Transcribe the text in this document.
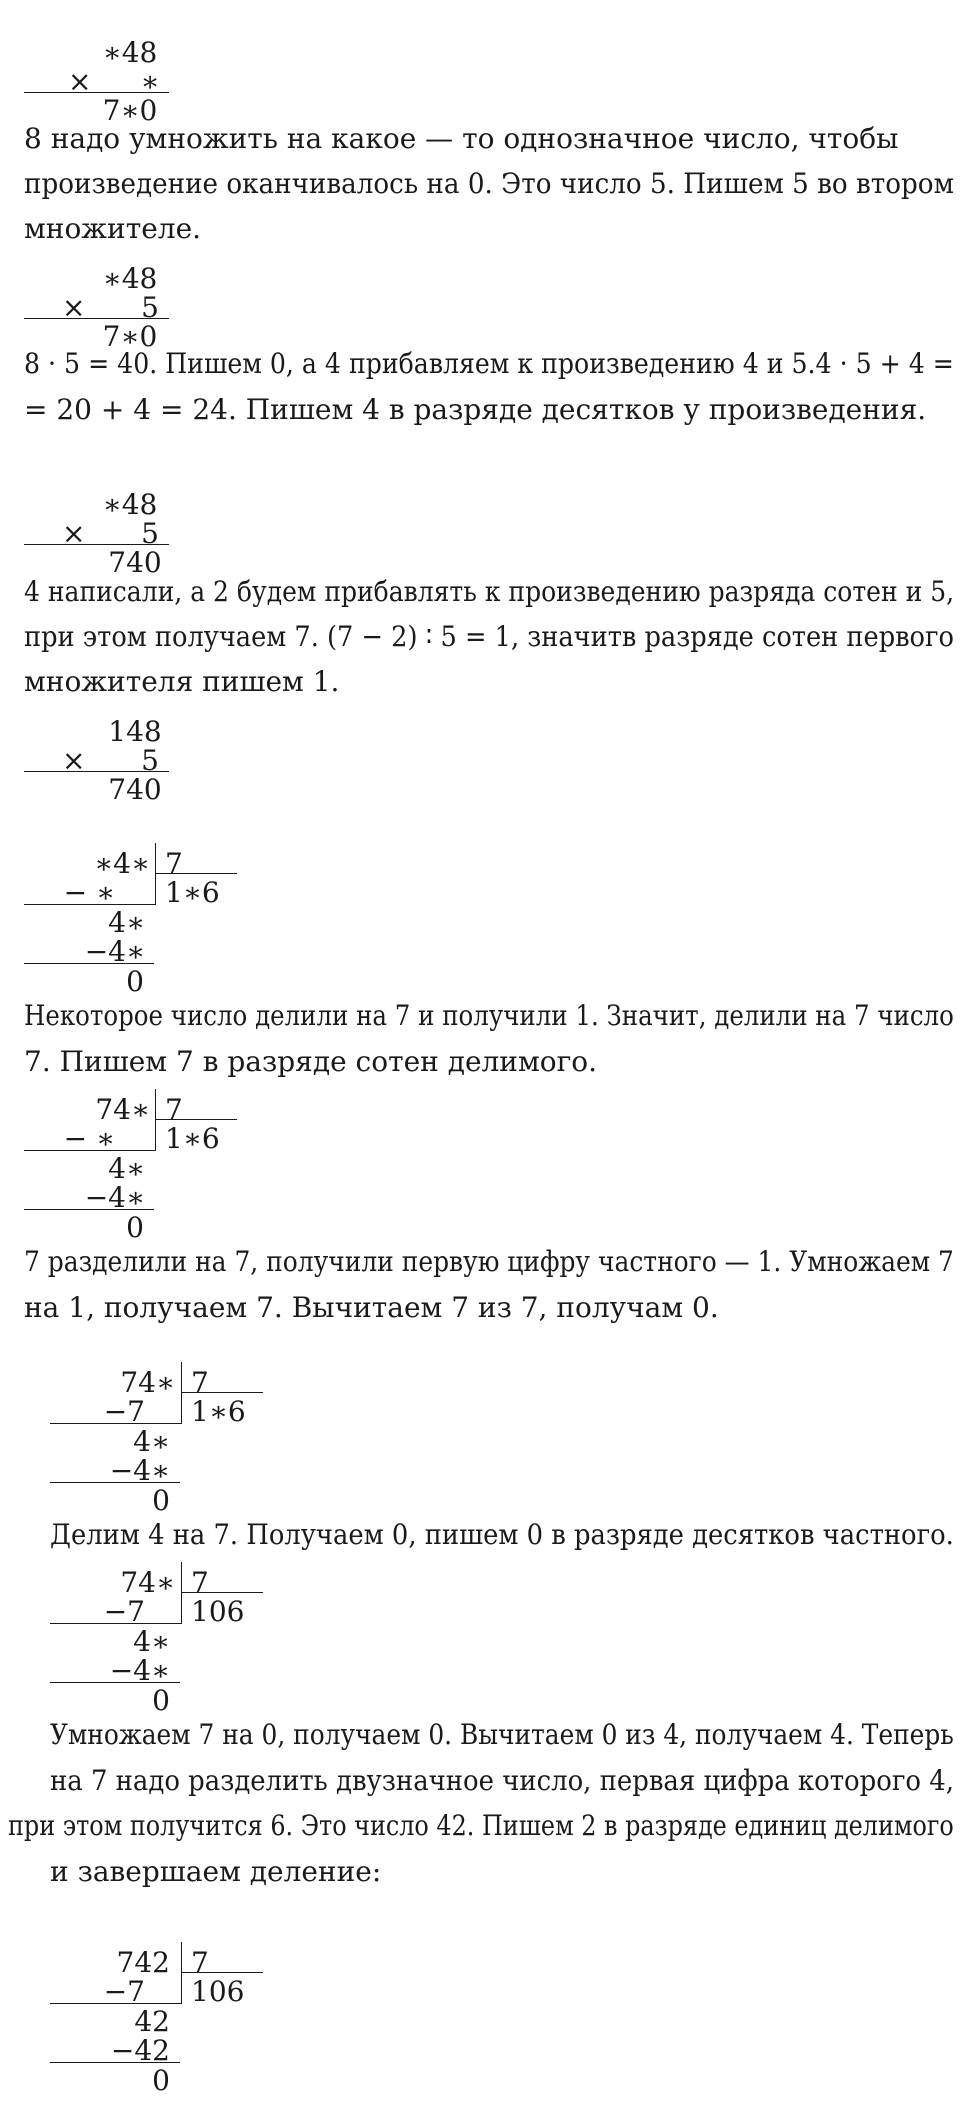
∗48
× ∗
7∗0
8 надо умножить на какое — то однозначное число, чтобы
произведение оканчивалось на 0. Это число 5. Пишем 5 во втором
множителе.
∗48
× 5
7∗0
8 · 5 = 40. Пишем 0, а 4 прибавляем к произведению 4 и 5.4 · 5 + 4 =
= 20 + 4 = 24. Пишем 4 в разряде десятков у произведения.
∗48
× 5
740
4 написали, а 2 будем прибавлять к произведению разряда сотен и 5,
при этом получаем 7. (7 − 2) ∶ 5 = 1, значитв разряде сотен первого
множителя пишем 1.
148
× 5
740
∗4∗ 7
− ∗ 1∗6
4∗
−4∗
0
Некоторое число делили на 7 и получили 1. Значит, делили на 7 число
7. Пишем 7 в разряде сотен делимого.
74∗ 7
− ∗ 1∗6
4∗
−4∗
0
7 разделили на 7, получили первую цифру частного — 1. Умножаем 7
на 1, получаем 7. Вычитаем 7 из 7, получам 0.
74∗ 7
−7 1∗6
4∗
−4∗
0
Делим 4 на 7. Получаем 0, пишем 0 в разряде десятков частного.
74∗ 7
−7 106
4∗
−4∗
0
Умножаем 7 на 0, получаем 0. Вычитаем 0 из 4, получаем 4. Теперь
на 7 надо разделить двузначное число, первая цифра которого 4,
при этом получится 6. Это число 42. Пишем 2 в разряде единиц делимого
и завершаем деление:
742 7
−7 106
42
−42
0
